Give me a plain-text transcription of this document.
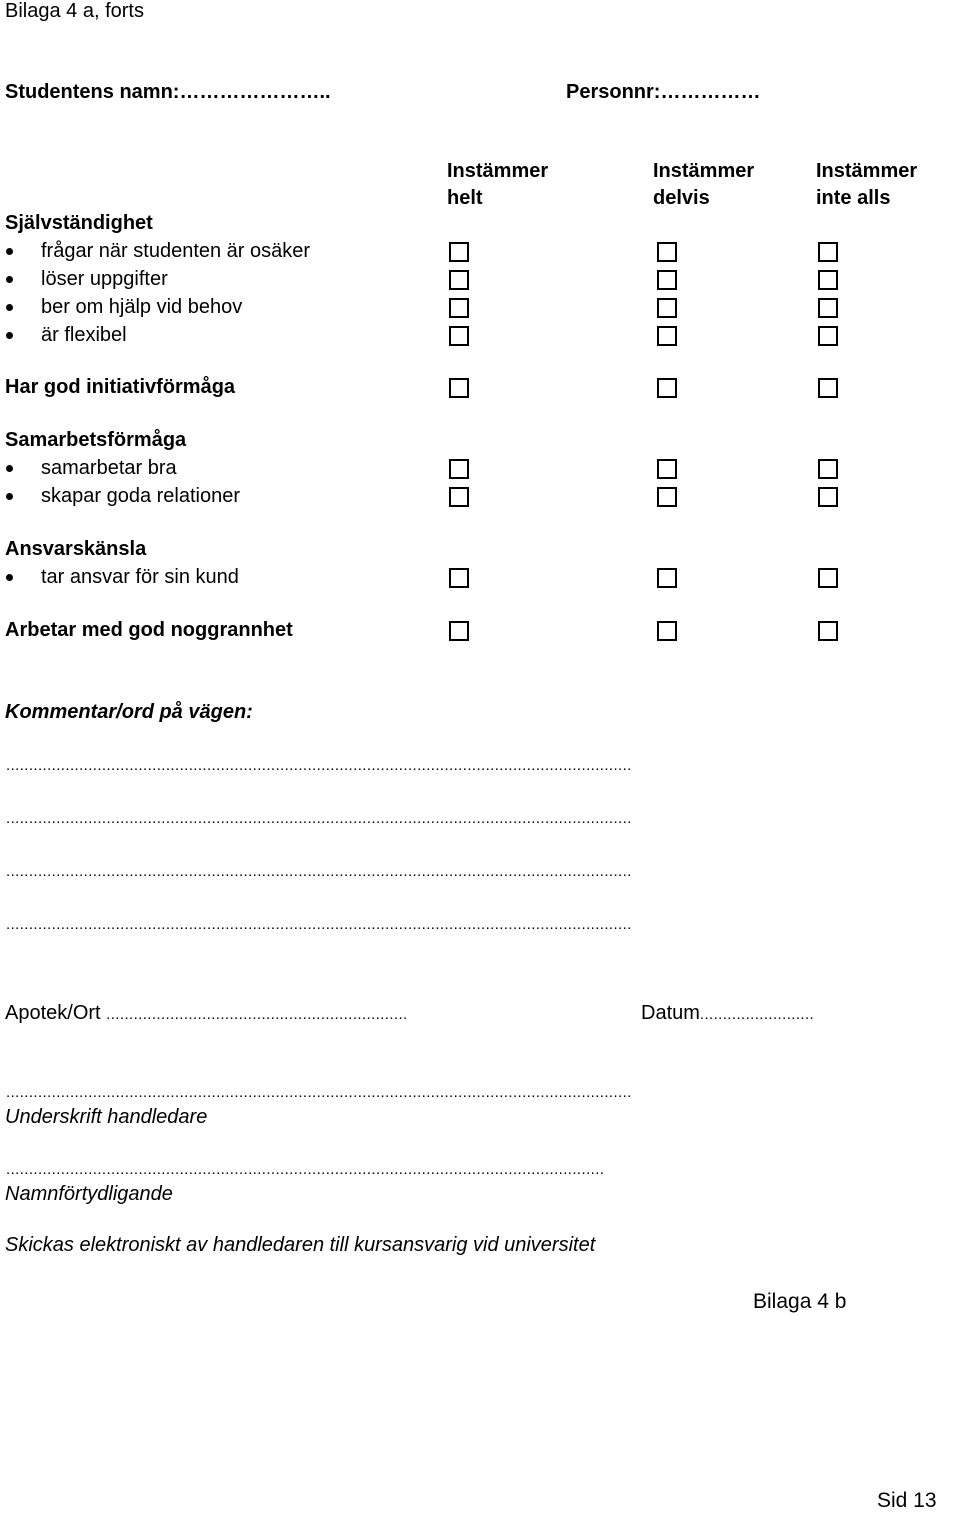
Bilaga 4 a, forts
Studentens namn:…………………..	Personnr:……………
Instämmer
helt
Instämmer
delvis
Instämmer
inte alls
Självständighet
frågar när studenten är osäker
löser uppgifter
ber om hjälp vid behov
är flexibel
Har god initiativförmåga
Samarbetsförmåga
samarbetar bra
skapar goda relationer
Ansvarskänsla
tar ansvar för sin kund
Arbetar med god noggrannhet
Kommentar/ord på vägen:
.........................................................................................................................................
.........................................................................................................................................
.........................................................................................................................................
.........................................................................................................................................
Apotek/Ort ..................................................................	Datum.........................
.........................................................................................................................................
Underskrift handledare
...................................................................................................................................
Namnförtydligande
Skickas elektroniskt av handledaren till kursansvarig vid universitet
Bilaga 4 b
Sid 13
